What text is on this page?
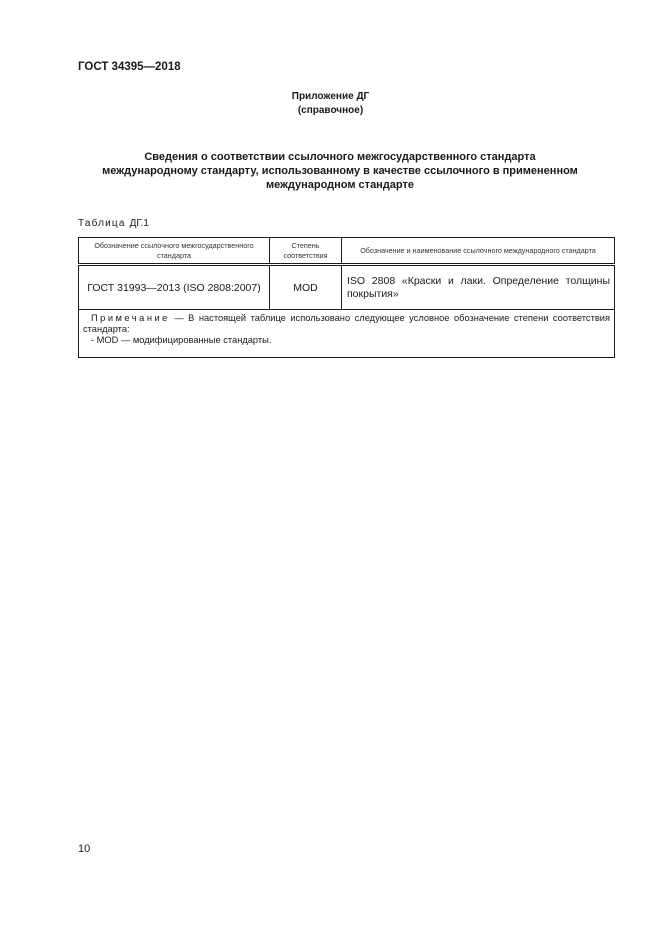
ГОСТ 34395—2018
Приложение ДГ
(справочное)
Сведения о соответствии ссылочного межгосударственного стандарта
международному стандарту, использованному в качестве ссылочного в примененном
международном стандарте
Таблица ДГ.1
Обозначение ссылочного межгосударственного стандарта	Степень соответствия	Обозначение и наименование ссылочного международного стандарта
ГОСТ 31993—2013 (ISO 2808:2007)	MOD	ISO 2808 «Краски и лаки. Определение толщины покрытия»
Примечание — В настоящей таблице использовано следующее условное обозначение степени соответствия стандарта:
- MOD — модифицированные стандарты.		
10
